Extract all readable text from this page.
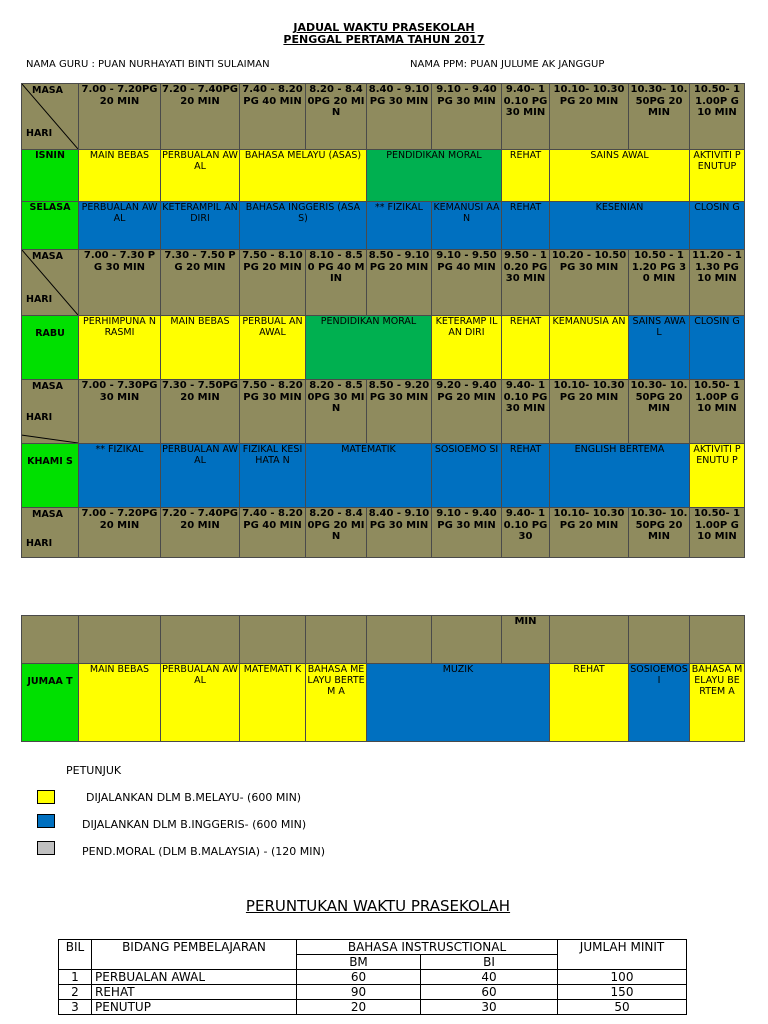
JADUAL WAKTU PRASEKOLAH
PENGGAL PERTAMA TAHUN 2017
NAMA GURU : PUAN NURHAYATI BINTI SULAIMAN	NAMA PPM: PUAN JULUME AK JANGGUP
MASA
HARI	7.00 - 7.20PG 20 MIN	7.20 - 7.40PG 20 MIN	7.40 - 8.20PG 40 MIN	8.20 - 8.40PG 20 MIN	8.40 - 9.10PG 30 MIN	9.10 - 9.40PG 30 MIN	9.40- 10.10 PG 30 MIN	10.10- 10.30PG 20 MIN	10.30- 10.50PG 20 MIN	10.50- 11.00P G 10 MIN
ISNIN	MAIN BEBAS	PERBUALAN AWAL	BAHASA MELAYU (ASAS)		PENDIDIKAN MORAL		REHAT	SAINS AWAL		AKTIVITI PENUTUP
SELASA	PERBUALAN AWAL	KETERAMPIL AN DIRI	BAHASA INGGERIS (ASAS)		** FIZIKAL	KEMANUSI AAN	REHAT	KESENIAN		CLOSIN G

MASA
HARI	7.00 - 7.30 PG 30 MIN	7.30 - 7.50 PG 20 MIN	7.50 - 8.10 PG 20 MIN	8.10 - 8.50 PG 40 MIN	8.50 - 9.10 PG 20 MIN	9.10 - 9.50 PG 40 MIN	9.50 - 10.20 PG 30 MIN	10.20 - 10.50 PG 30 MIN	10.50 - 11.20 PG 30 MIN	11.20 - 11.30 PG 10 MIN
RABU	PERHIMPUNA N RASMI	MAIN BEBAS	PERBUAL AN AWAL	PENDIDIKAN MORAL		KETERAMP ILAN DIRI	REHAT	KEMANUSIA AN	SAINS AWAL	CLOSIN G

MASA
HARI	7.00 - 7.30PG 30 MIN	7.30 - 7.50PG 20 MIN	7.50 - 8.20PG 30 MIN	8.20 - 8.50PG 30 MIN	8.50 - 9.20PG 30 MIN	9.20 - 9.40PG 20 MIN	9.40- 10.10 PG 30 MIN	10.10- 10.30PG 20 MIN	10.30- 10.50PG 20 MIN	10.50- 11.00P G 10 MIN
KHAMI S	** FIZIKAL	PERBUALAN AWAL	FIZIKAL KESIHATA N	MATEMATIK		SOSIOEMO SI	REHAT	ENGLISH BERTEMA		AKTIVITI PENUTU P

MASA
HARI	7.00 - 7.20PG 20 MIN	7.20 - 7.40PG 20 MIN	7.40 - 8.20PG 40 MIN	8.20 - 8.40PG 20 MIN	8.40 - 9.10PG 30 MIN	9.10 - 9.40PG 30 MIN	9.40- 10.10 PG 30	10.10- 10.30PG 20 MIN	10.30- 10.50PG 20 MIN	10.50- 11.00P G 10 MIN
							MIN				
JUMAA T	MAIN BEBAS	PERBUALAN AWAL	MATEMATI K	BAHASA MELAYU BERTEM A	MUZIK			REHAT	SOSIOEMOSI	BAHASA MELAYU BERTEM A	
PETUNJUK
DIJALANKAN DLM B.MELAYU- (600 MIN)
DIJALANKAN DLM B.INGGERIS- (600 MIN)
PEND.MORAL (DLM B.MALAYSIA) - (120 MIN)
PERUNTUKAN WAKTU PRASEKOLAH
BIL	BIDANG PEMBELAJARAN	BAHASA INSTRUSCTIONAL		JUMLAH MINIT
		BM	BI	
1	PERBUALAN AWAL	60	40	100
2	REHAT	90	60	150
3	PENUTUP	20	30	50
